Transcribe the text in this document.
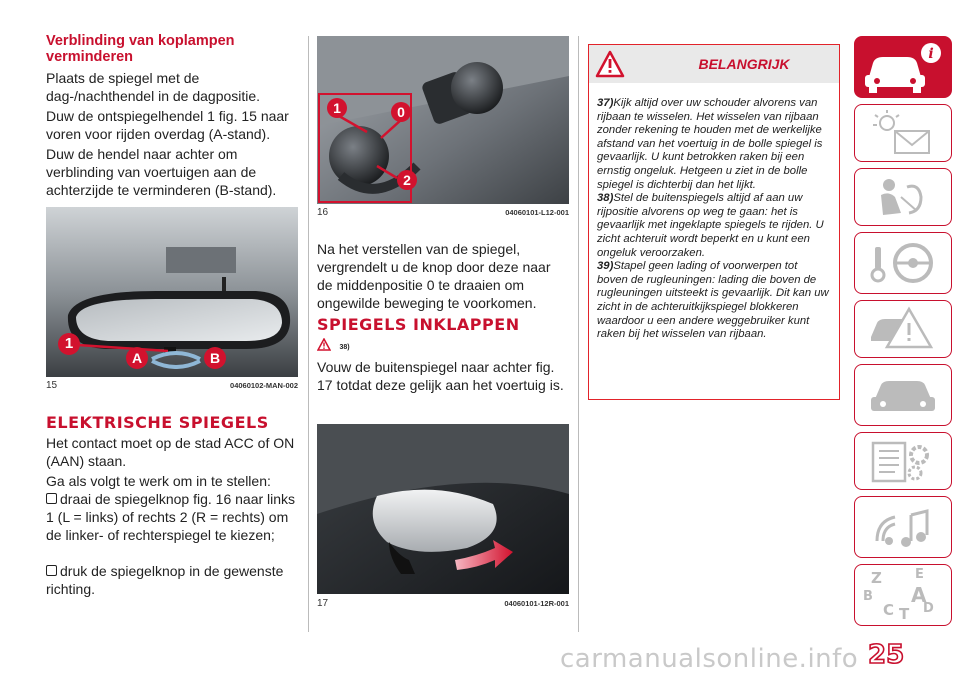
Verblinding van koplampen verminderen

Plaats de spiegel met de dag-/nachthendel in de dagpositie.

Duw de ontspiegelhendel 1 fig. 15 naar voren voor rijden overdag (A-stand).

Duw de hendel naar achter om verblinding van voertuigen aan de achterzijde te verminderen (B-stand).

1
A	B
15	04060102-MAN-002
ELEKTRISCHE SPIEGELS

Het contact moet op de stad ACC of ON (AAN) staan.

Ga als volgt te werk om in te stellen:

draai de spiegelknop fig. 16 naar links 1 (L = links) of rechts 2 (R = rechts) om de linker- of rechterspiegel te kiezen;
druk de spiegelknop in de gewenste richting.
1	0
2
16	04060101-L12-001

Na het verstellen van de spiegel, vergrendelt u de knop door deze naar de middenpositie 0 te draaien om ongewilde beweging te voorkomen.

SPIEGELS INKLAPPEN
38)

Vouw de buitenspiegel naar achter fig. 17 totdat deze gelijk aan het voertuig is.

17	04060101-12R-001
BELANGRIJK
37)Kijk altijd over uw schouder alvorens van rijbaan te wisselen. Het wisselen van rijbaan zonder rekening te houden met de werkelijke afstand van het voertuig in de bolle spiegel is gevaarlijk. U kunt betrokken raken bij een ernstig ongeluk. Hetgeen u ziet in de bolle spiegel is dichterbij dan het lijkt.
38)Stel de buitenspiegels altijd af aan uw rijpositie alvorens op weg te gaan: het is gevaarlijk met ingeklapte spiegels te rijden. U zicht achteruit wordt beperkt en u kunt een ongeluk veroorzaken.
39)Stapel geen lading of voorwerpen tot boven de rugleuningen: lading die boven de rugleuningen uitsteekt is gevaarlijk. Dit kan uw zicht in de achteruitkijkspiegel blokkeren waardoor u een andere weggebruiker kunt raken bij het wisselen van rijbaan.
i
Z	E
B A
C D
T
carmanualsonline.info 25
